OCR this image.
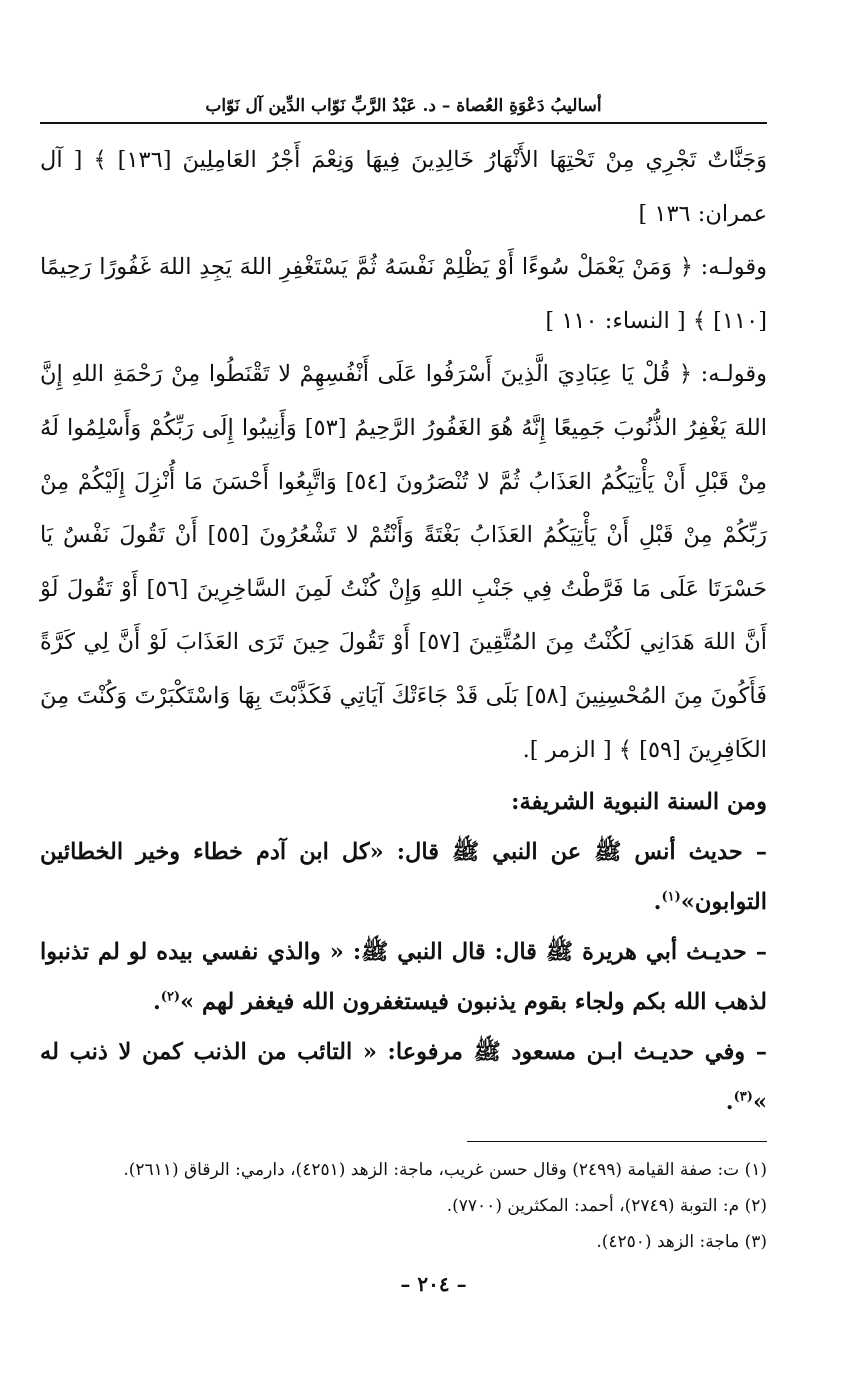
أساليبُ دَعْوَةِ العُصاة – د. عَبْدُ الرَّبِّ نَوّاب الدِّين آل نَوّاب

وَجَنَّاتٌ تَجْرِي مِنْ تَحْتِهَا الأَنْهَارُ خَالِدِينَ فِيهَا وَنِعْمَ أَجْرُ العَامِلِينَ [١٣٦] ﴾ [ آل عمران: ١٣٦ ]

وقولـه: ﴿ وَمَنْ يَعْمَلْ سُوءًا أَوْ يَظْلِمْ نَفْسَهُ ثُمَّ يَسْتَغْفِرِ اللهَ يَجِدِ اللهَ غَفُورًا رَحِيمًا [١١٠] ﴾ [ النساء: ١١٠ ]

وقولـه: ﴿ قُلْ يَا عِبَادِيَ الَّذِينَ أَسْرَفُوا عَلَى أَنْفُسِهِمْ لا تَقْنَطُوا مِنْ رَحْمَةِ اللهِ إِنَّ اللهَ يَغْفِرُ الذُّنُوبَ جَمِيعًا إِنَّهُ هُوَ الغَفُورُ الرَّحِيمُ [٥٣] وَأَنِيبُوا إِلَى رَبِّكُمْ وَأَسْلِمُوا لَهُ مِنْ قَبْلِ أَنْ يَأْتِيَكُمُ العَذَابُ ثُمَّ لا تُنْصَرُونَ [٥٤] وَاتَّبِعُوا أَحْسَنَ مَا أُنْزِلَ إِلَيْكُمْ مِنْ رَبِّكُمْ مِنْ قَبْلِ أَنْ يَأْتِيَكُمُ العَذَابُ بَغْتَةً وَأَنْتُمْ لا تَشْعُرُونَ [٥٥] أَنْ تَقُولَ نَفْسٌ يَا حَسْرَتَا عَلَى مَا فَرَّطْتُ فِي جَنْبِ اللهِ وَإِنْ كُنْتُ لَمِنَ السَّاخِرِينَ [٥٦] أَوْ تَقُولَ لَوْ أَنَّ اللهَ هَدَانِي لَكُنْتُ مِنَ المُتَّقِينَ [٥٧] أَوْ تَقُولَ حِينَ تَرَى العَذَابَ لَوْ أَنَّ لِي كَرَّةً فَأَكُونَ مِنَ المُحْسِنِينَ [٥٨] بَلَى قَدْ جَاءَتْكَ آيَاتِي فَكَذَّبْتَ بِهَا وَاسْتَكْبَرْتَ وَكُنْتَ مِنَ الكَافِرِينَ [٥٩] ﴾ [ الزمر ].

ومن السنة النبوية الشريفة:

– حديث أنس ﷺ عن النبي ﷺ قال: «كل ابن آدم خطاء وخير الخطائين التوابون»$^{(١)}$.

– حديـث أبي هريرة ﷺ قال: قال النبي ﷺ: « والذي نفسي بيده لو لم تذنبوا لذهب الله بكم ولجاء بقوم يذنبون فيستغفرون الله فيغفر لهم »$^{(٢)}$.

– وفي حديـث ابـن مسعود ﷺ مرفوعا: « التائب من الذنب كمن لا ذنب له »$^{(٣)}$.

(١) ت: صفة القيامة (٢٤٩٩) وقال حسن غريب، ماجة: الزهد (٤٢٥١)، دارمي: الرقاق (٢٦١١).

(٢) م: التوبة (٢٧٤٩)، أحمد: المكثرين (٧٧٠٠).

(٣) ماجة: الزهد (٤٢٥٠).

– ٢٠٤ –
